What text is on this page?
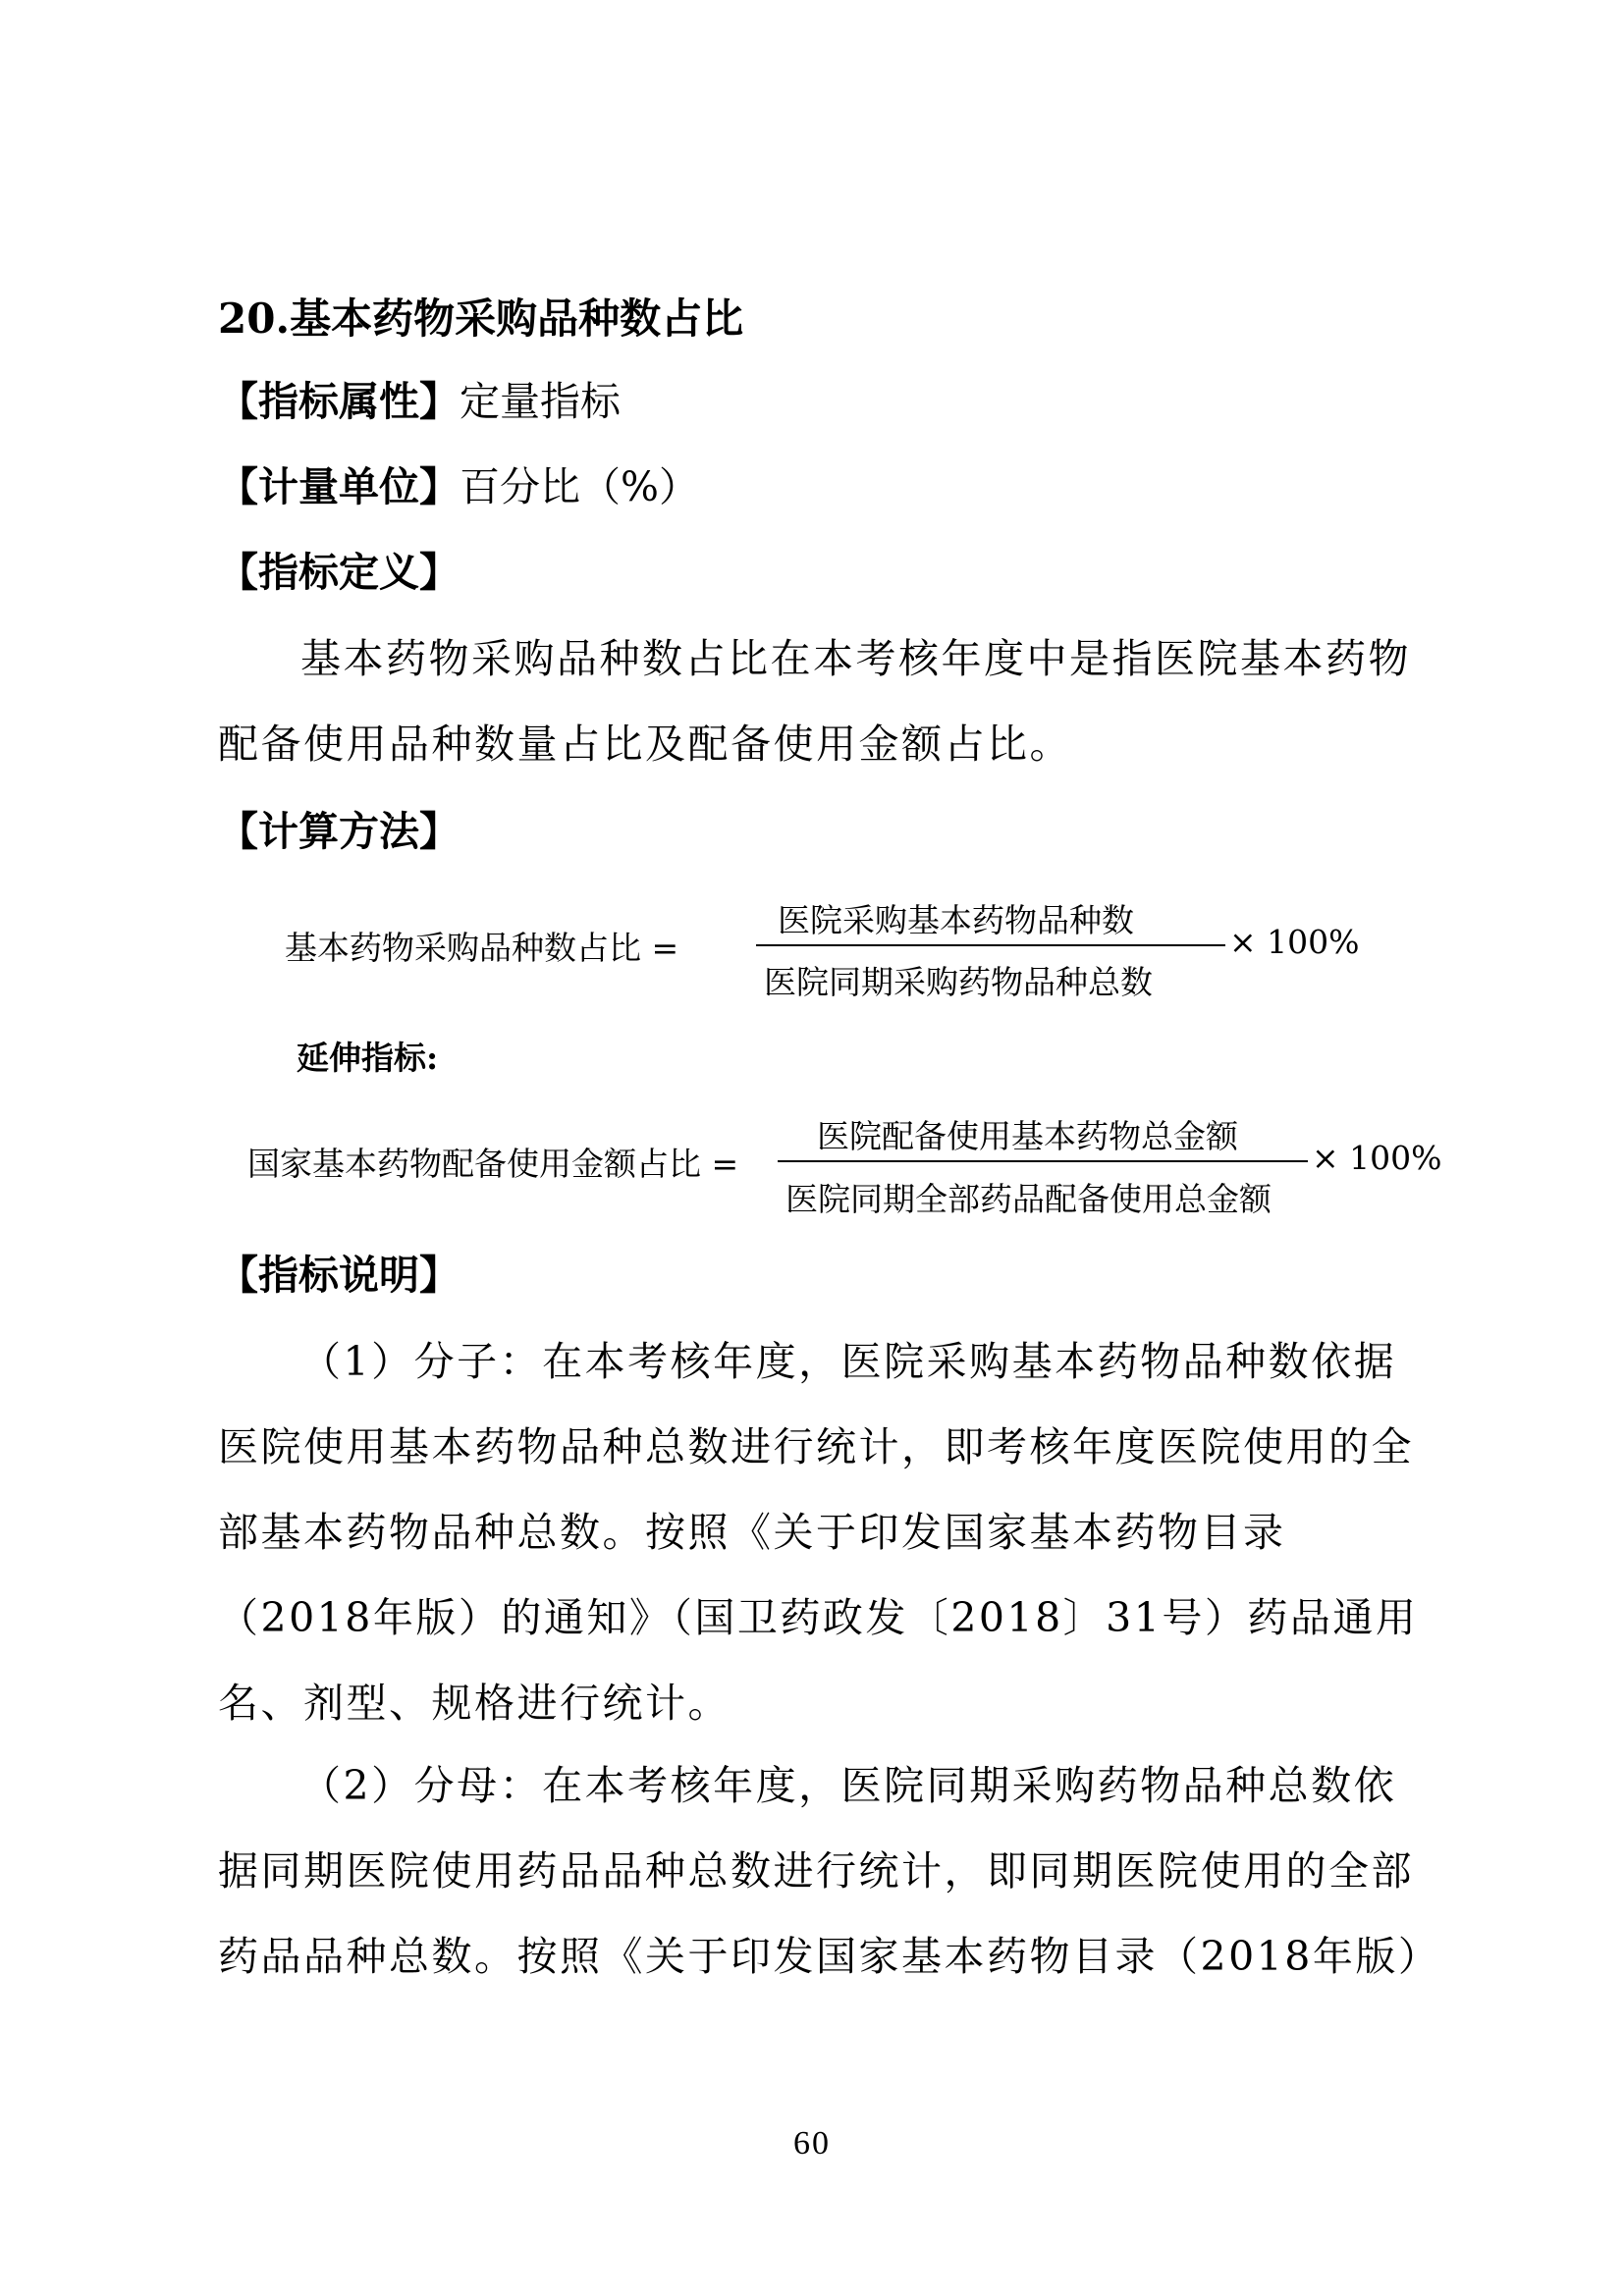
20.基本药物采购品种数占比
【指标属性】定量指标
【计量单位】百分比（%）
【指标定义】
基本药物采购品种数占比在本考核年度中是指医院基本药物配备使用品种数量占比及配备使用金额占比。
【计算方法】
基本药物采购品种数占比 =
医院采购基本药物品种数
医院同期采购药物品种总数
× 100%
延伸指标:
国家基本药物配备使用金额占比 =
医院配备使用基本药物总金额
医院同期全部药品配备使用总金额
× 100%
【指标说明】
（1）分子：在本考核年度，医院采购基本药物品种数依据医院使用基本药物品种总数进行统计，即考核年度医院使用的全部基本药物品种总数。按照《关于印发国家基本药物目录（2018年版）的通知》（国卫药政发〔2018〕31号）药品通用名、剂型、规格进行统计。
（2）分母：在本考核年度，医院同期采购药物品种总数依据同期医院使用药品品种总数进行统计，即同期医院使用的全部药品品种总数。按照《关于印发国家基本药物目录（2018年版）
60
